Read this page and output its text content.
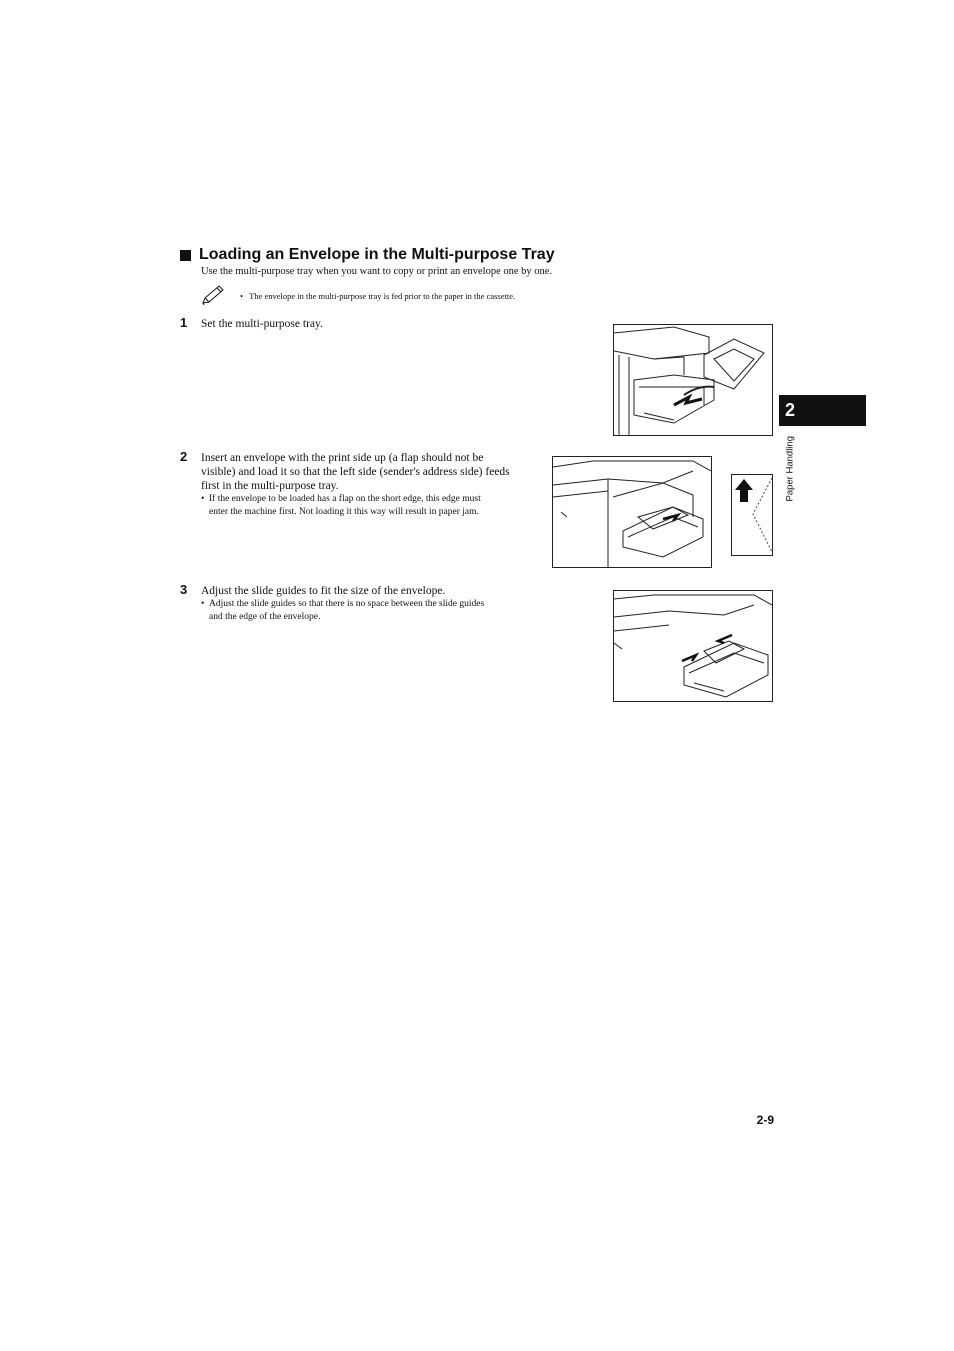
Loading an Envelope in the Multi-purpose Tray
Use the multi-purpose tray when you want to copy or print an envelope one by one.
• The envelope in the multi-purpose tray is fed prior to the paper in the cassette.
1 Set the multi-purpose tray.
2 Insert an envelope with the print side up (a flap should not be
visible) and load it so that the left side (sender's address side) feeds
first in the multi-purpose tray.
• If the envelope to be loaded has a flap on the short edge, this edge must
enter the machine first. Not loading it this way will result in paper jam.
3 Adjust the slide guides to fit the size of the envelope.
• Adjust the slide guides so that there is no space between the slide guides
and the edge of the envelope.
2
Paper Handling
2-9
